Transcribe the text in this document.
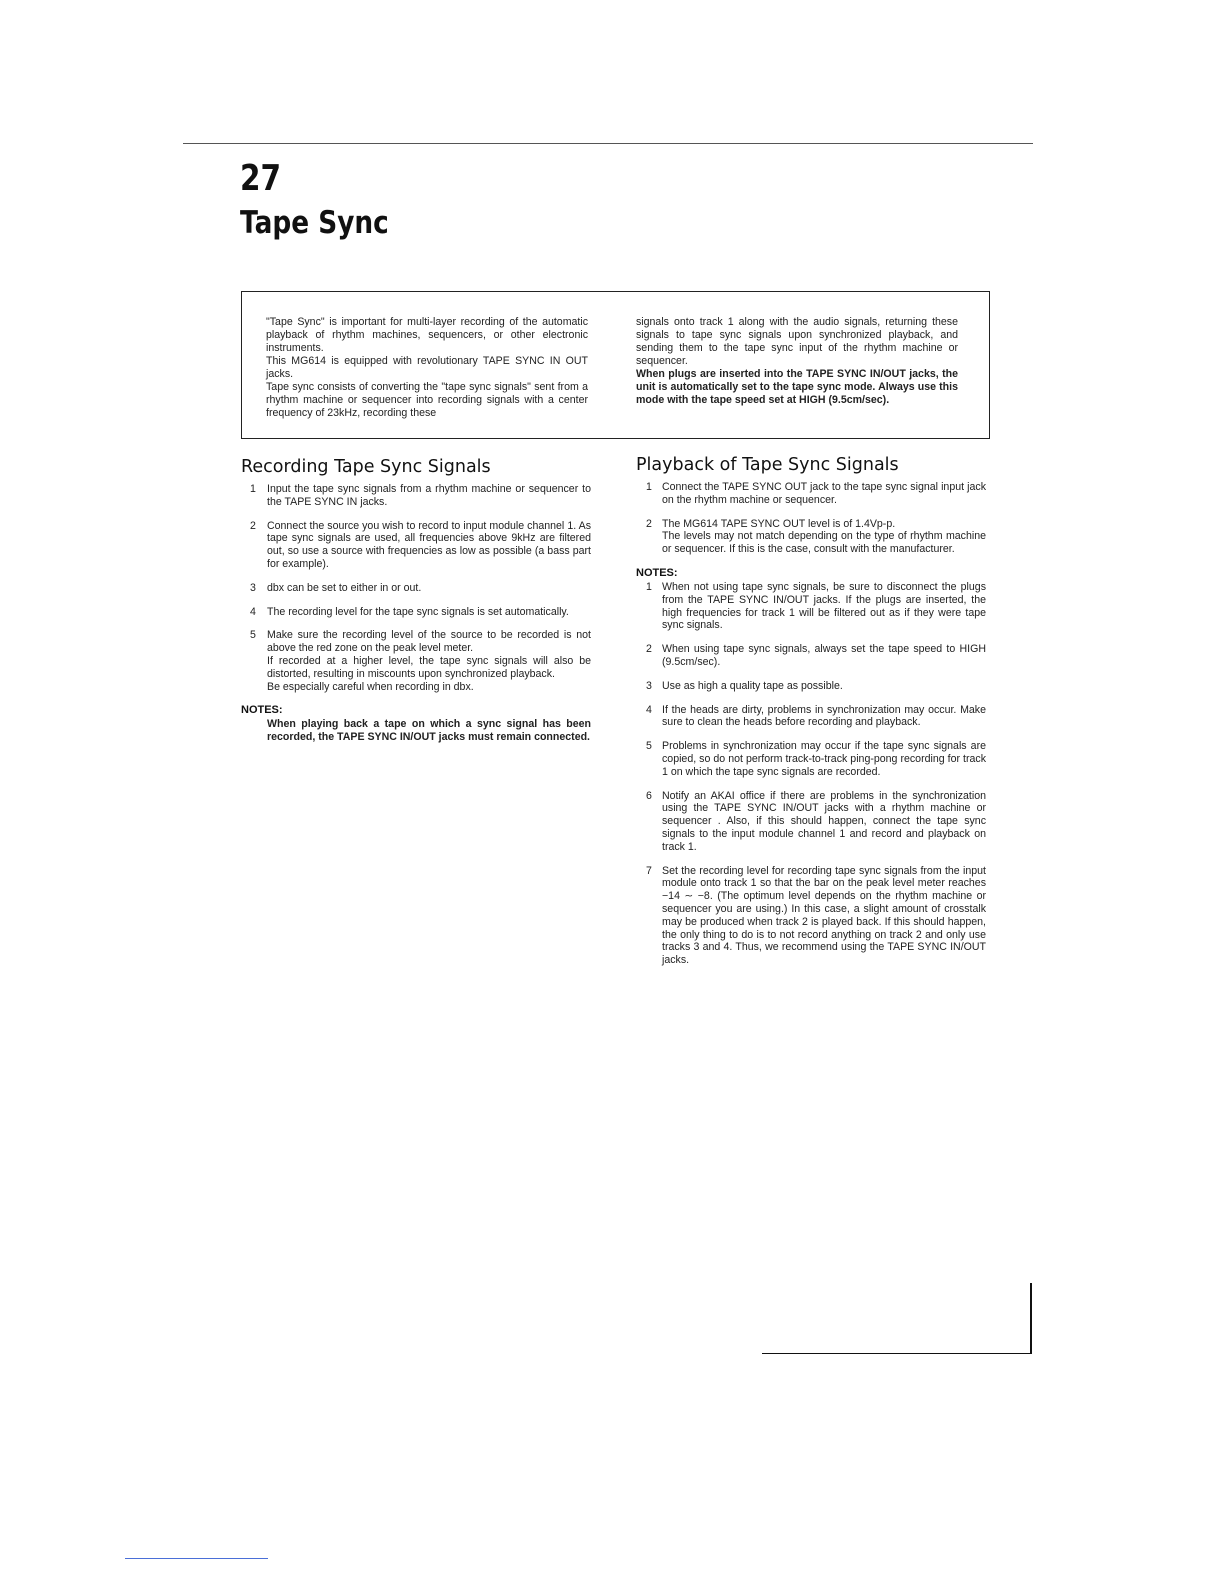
27
Tape Sync

"Tape Sync" is important for multi-layer recording of the automatic playback of rhythm machines, sequencers, or other electronic instruments.

This MG614 is equipped with revolutionary TAPE SYNC IN OUT jacks.

Tape sync consists of converting the "tape sync signals" sent from a rhythm machine or sequencer into recording signals with a center frequency of 23kHz, recording these

signals onto track 1 along with the audio signals, returning these signals to tape sync signals upon synchronized playback, and sending them to the tape sync input of the rhythm machine or sequencer.

When plugs are inserted into the TAPE SYNC IN/OUT jacks, the unit is automatically set to the tape sync mode. Always use this mode with the tape speed set at HIGH (9.5cm/sec).

Recording Tape Sync Signals
1 Input the tape sync signals from a rhythm machine or sequencer to the TAPE SYNC IN jacks.
2 Connect the source you wish to record to input module channel 1. As tape sync signals are used, all frequencies above 9kHz are filtered out, so use a source with frequencies as low as possible (a bass part for example).
3 dbx can be set to either in or out.
4 The recording level for the tape sync signals is set automatically.
5 Make sure the recording level of the source to be recorded is not above the red zone on the peak level meter.
If recorded at a higher level, the tape sync signals will also be distorted, resulting in miscounts upon synchronized playback.
Be especially careful when recording in dbx.
NOTES:
When playing back a tape on which a sync signal has been recorded, the TAPE SYNC IN/OUT jacks must remain connected.
Playback of Tape Sync Signals
1 Connect the TAPE SYNC OUT jack to the tape sync signal input jack on the rhythm machine or sequencer.
2 The MG614 TAPE SYNC OUT level is of 1.4Vp-p.
The levels may not match depending on the type of rhythm machine or sequencer. If this is the case, consult with the manufacturer.
NOTES:
1 When not using tape sync signals, be sure to disconnect the plugs from the TAPE SYNC IN/OUT jacks. If the plugs are inserted, the high frequencies for track 1 will be filtered out as if they were tape sync signals.
2 When using tape sync signals, always set the tape speed to HIGH (9.5cm/sec).
3 Use as high a quality tape as possible.
4 If the heads are dirty, problems in synchronization may occur. Make sure to clean the heads before recording and playback.
5 Problems in synchronization may occur if the tape sync signals are copied, so do not perform track-to-track ping-pong recording for track 1 on which the tape sync signals are recorded.
6 Notify an AKAI office if there are problems in the synchronization using the TAPE SYNC IN/OUT jacks with a rhythm machine or sequencer . Also, if this should happen, connect the tape sync signals to the input module channel 1 and record and playback on track 1.
7 Set the recording level for recording tape sync signals from the input module onto track 1 so that the bar on the peak level meter reaches −14 ∼ −8. (The optimum level depends on the rhythm machine or sequencer you are using.) In this case, a slight amount of crosstalk may be produced when track 2 is played back. If this should happen, the only thing to do is to not record anything on track 2 and only use tracks 3 and 4. Thus, we recommend using the TAPE SYNC IN/OUT jacks.
